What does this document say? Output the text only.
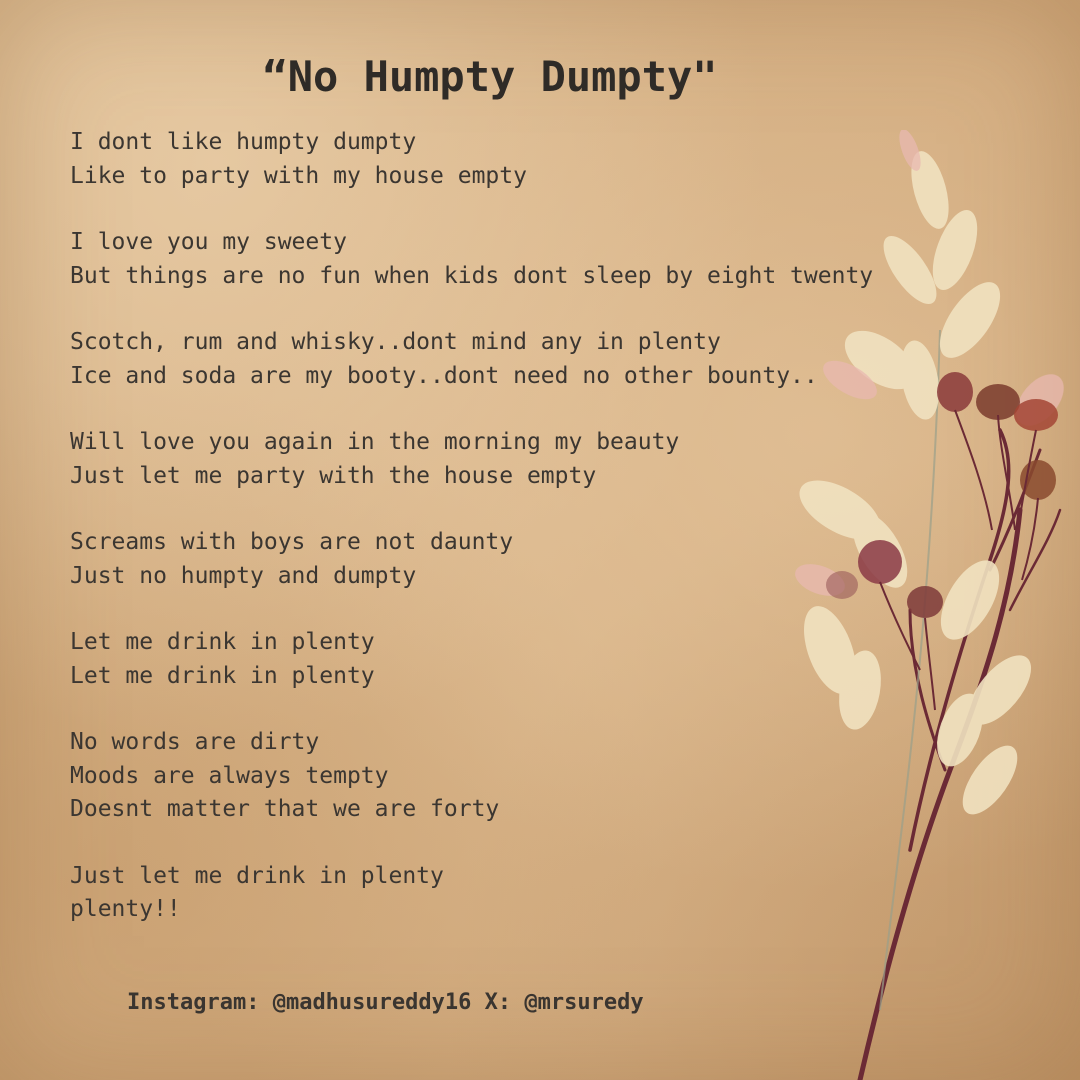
“No Humpty Dumpty"
I dont like humpty dumpty
Like to party with my house empty
I love you my sweety
But things are no fun when kids dont sleep by eight twenty
Scotch, rum and whisky..dont mind any in plenty
Ice and soda are my booty..dont need no other bounty..
Will love you again in the morning my beauty
Just let me party with the house empty
Screams with boys are not daunty
Just no humpty and dumpty
Let me drink in plenty
Let me drink in plenty
No words are dirty
Moods are always tempty
Doesnt matter that we are forty
Just let me drink in plenty
plenty!!
Instagram: @madhusureddy16 X: @mrsuredy
